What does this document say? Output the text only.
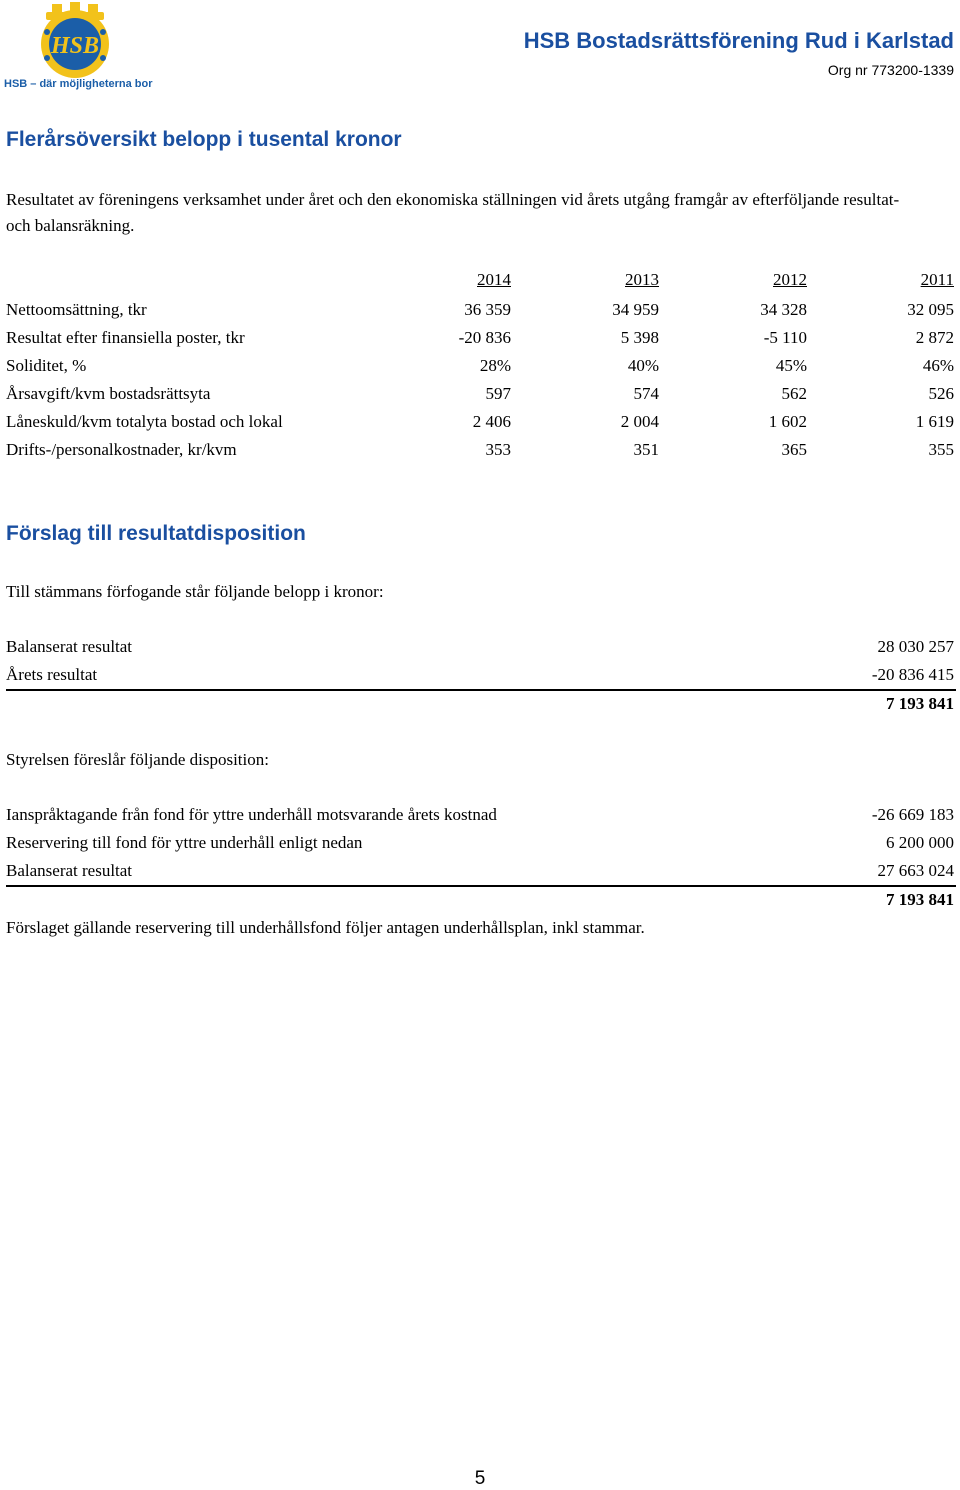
HSB
HSB – där möjligheterna bor
HSB Bostadsrättsförening Rud i Karlstad
Org nr 773200-1339
Flerårsöversikt belopp i tusental kronor
Resultatet av föreningens verksamhet under året och den ekonomiska ställningen vid årets utgång framgår av efterföljande resultat- och balansräkning.
2014	2013	2012	2011
Nettoomsättning, tkr	36 359	34 959	34 328	32 095
Resultat efter finansiella poster, tkr	-20 836	5 398	-5 110	2 872
Soliditet, %	28%	40%	45%	46%
Årsavgift/kvm bostadsrättsyta	597	574	562	526
Låneskuld/kvm totalyta bostad och lokal	2 406	2 004	1 602	1 619
Drifts-/personalkostnader, kr/kvm	353	351	365	355
Förslag till resultatdisposition
Till stämmans förfogande står följande belopp i kronor:
Balanserat resultat	28 030 257
Årets resultat	-20 836 415
7 193 841
Styrelsen föreslår följande disposition:
Ianspråktagande från fond för yttre underhåll motsvarande årets kostnad	-26 669 183
Reservering till fond för yttre underhåll enligt nedan	6 200 000
Balanserat resultat	27 663 024
7 193 841
Förslaget gällande reservering till underhållsfond följer antagen underhållsplan, inkl stammar.
5
